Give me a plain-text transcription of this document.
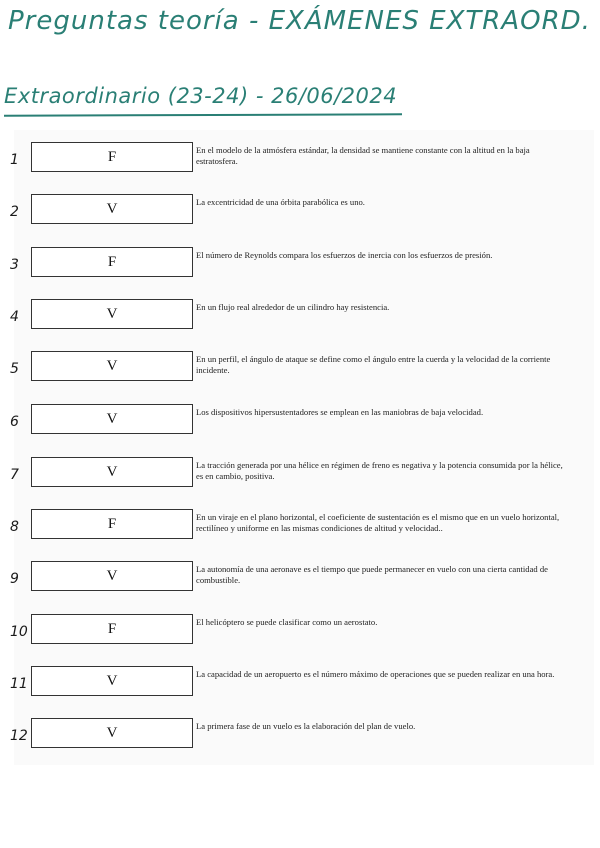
Preguntas teoría - EXÁMENES EXTRAORD.
Extraordinario (23-24) - 26/06/2024
1	F	En el modelo de la atmósfera estándar, la densidad se mantiene constante con la altitud en la baja estratosfera.
2	V	La excentricidad de una órbita parabólica es uno.
3	F	El número de Reynolds compara los esfuerzos de inercia con los esfuerzos de presión.
4	V	En un flujo real alrededor de un cilindro hay resistencia.
5	V	En un perfil, el ángulo de ataque se define como el ángulo entre la cuerda y la velocidad de la corriente incidente.
6	V	Los dispositivos hipersustentadores se emplean en las maniobras de baja velocidad.
7	V	La tracción generada por una hélice en régimen de freno es negativa y la potencia consumida por la hélice, es en cambio, positiva.
8	F	En un viraje en el plano horizontal, el coeficiente de sustentación es el mismo que en un vuelo horizontal, rectilíneo y uniforme en las mismas condiciones de altitud y velocidad..
9	V	La autonomía de una aeronave es el tiempo que puede permanecer en vuelo con una cierta cantidad de combustible.
10	F	El helicóptero se puede clasificar como un aerostato.
11	V	La capacidad de un aeropuerto es el número máximo de operaciones que se pueden realizar en una hora.
12	V	La primera fase de un vuelo es la elaboración del plan de vuelo.
